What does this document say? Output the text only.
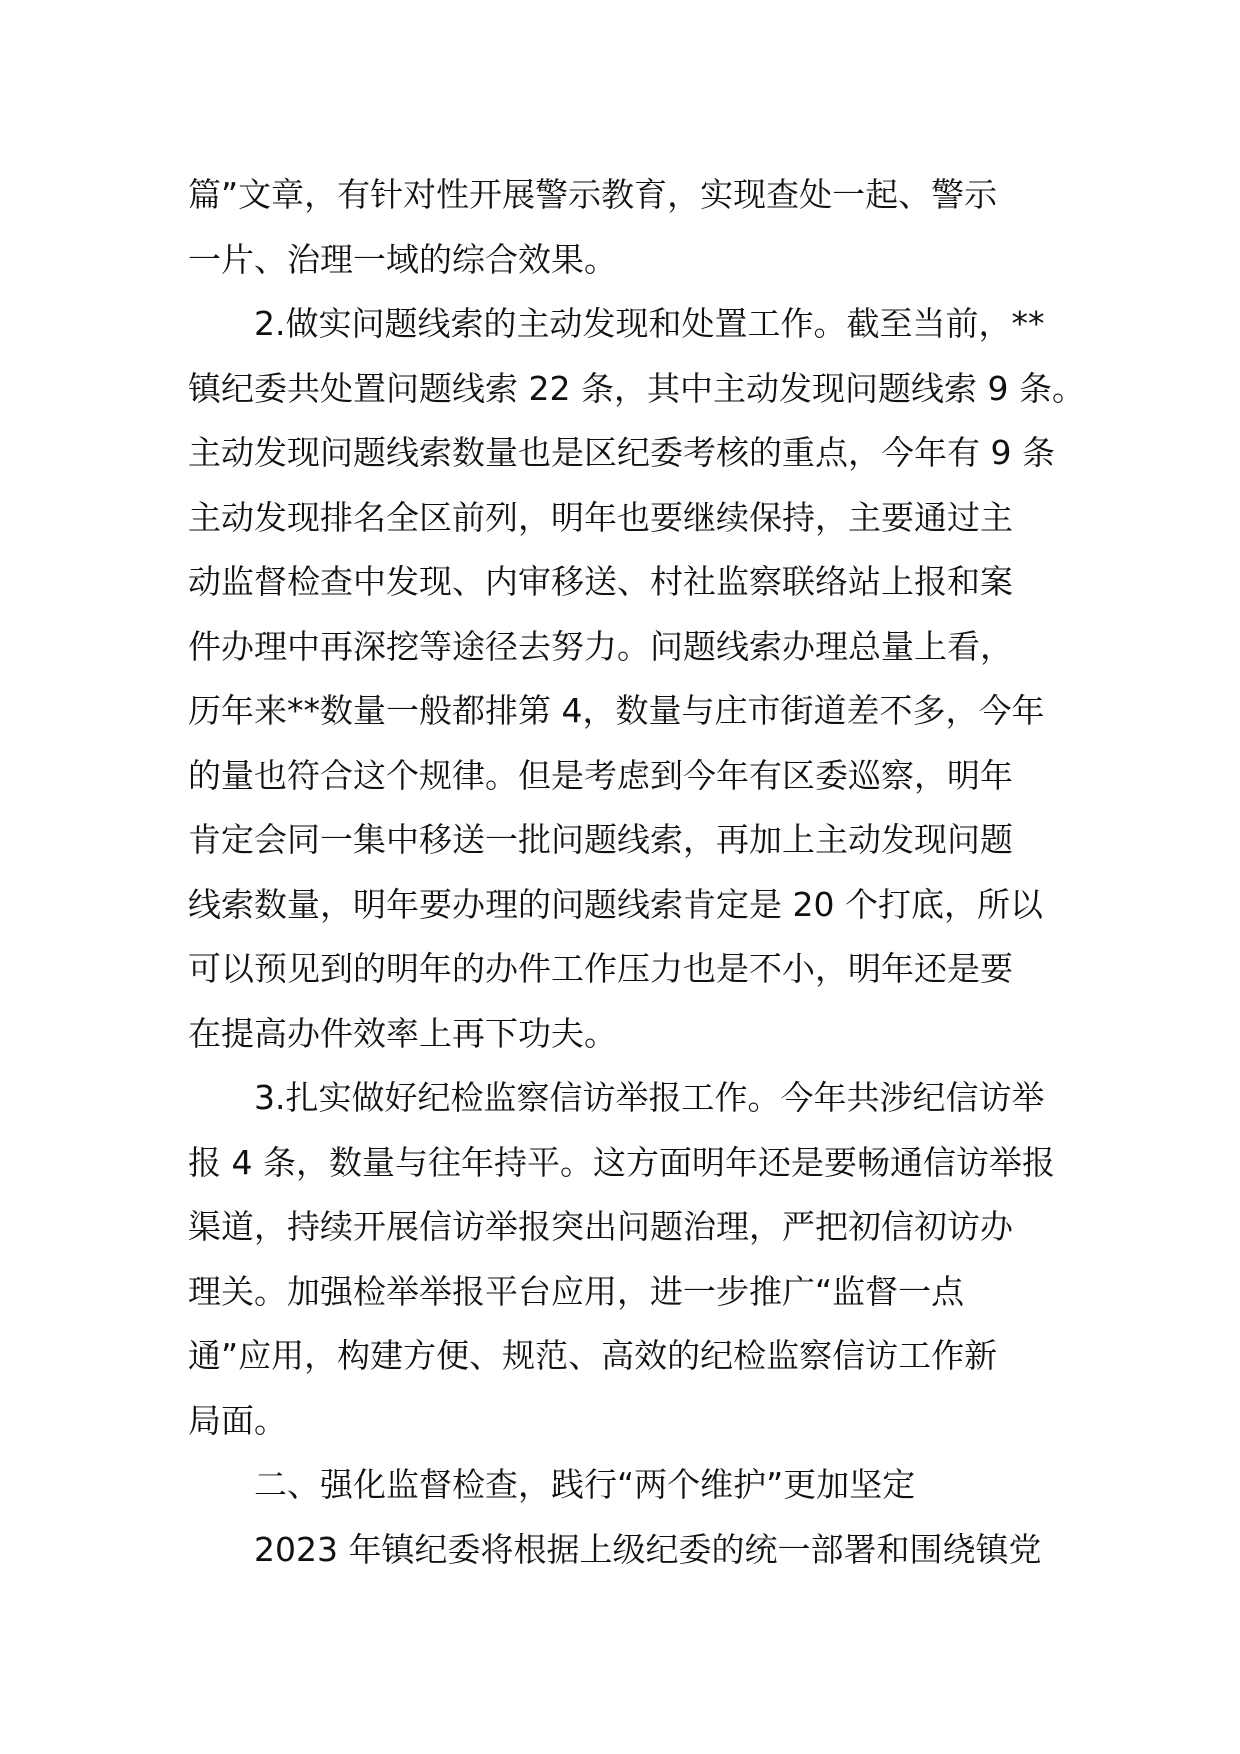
篇”文章，有针对性开展警示教育，实现查处一起、警示
一片、治理一域的综合效果。
2.做实问题线索的主动发现和处置工作。截至当前，**
镇纪委共处置问题线索 22 条，其中主动发现问题线索 9 条。
主动发现问题线索数量也是区纪委考核的重点，今年有 9 条
主动发现排名全区前列，明年也要继续保持，主要通过主
动监督检查中发现、内审移送、村社监察联络站上报和案
件办理中再深挖等途径去努力。问题线索办理总量上看，
历年来**数量一般都排第 4，数量与庄市街道差不多，今年
的量也符合这个规律。但是考虑到今年有区委巡察，明年
肯定会同一集中移送一批问题线索，再加上主动发现问题
线索数量，明年要办理的问题线索肯定是 20 个打底，所以
可以预见到的明年的办件工作压力也是不小，明年还是要
在提高办件效率上再下功夫。
3.扎实做好纪检监察信访举报工作。今年共涉纪信访举
报 4 条，数量与往年持平。这方面明年还是要畅通信访举报
渠道，持续开展信访举报突出问题治理，严把初信初访办
理关。加强检举举报平台应用，进一步推广“监督一点
通”应用，构建方便、规范、高效的纪检监察信访工作新
局面。
二、强化监督检查，践行“两个维护”更加坚定
2023 年镇纪委将根据上级纪委的统一部署和围绕镇党
